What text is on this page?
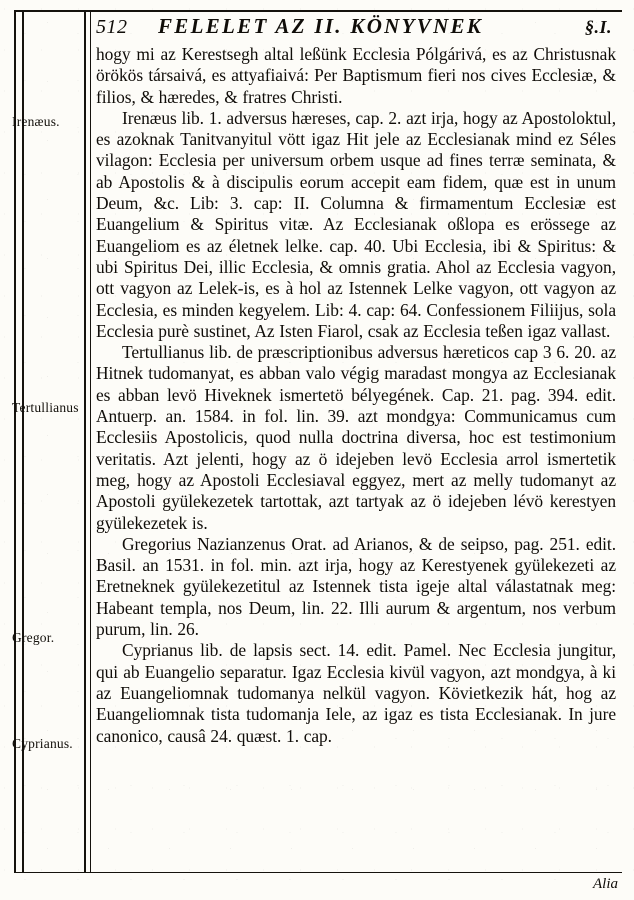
512 FELELET AZ II. KÖNYVNEK	§.I.
Irenæus.
Tertullianus
Gregor.
Cyprianus.

hogy mi az Kerestsegh altal leßünk Ecclesia Pólgárivá, es az Christusnak örökös társaivá, es attyafiaivá: Per Baptismum fieri nos cives Ecclesiæ, & filios, & hæredes, & fratres Christi.

Irenæus lib. 1. adversus hæreses, cap. 2. azt irja, hogy az Apostoloktul, es azoknak Tanitvanyitul vött igaz Hit jele az Ecclesianak mind ez Séles vilagon: Ecclesia per universum orbem usque ad fines terræ seminata, & ab Apostolis & à discipulis eorum accepit eam fidem, quæ est in unum Deum, &c. Lib: 3. cap: II. Columna & firmamentum Ecclesiæ est Euangelium & Spiritus vitæ. Az Ecclesianak oßlopa es erössege az Euangeliom es az életnek lelke. cap. 40. Ubi Ecclesia, ibi & Spiritus: & ubi Spiritus Dei, illic Ecclesia, & omnis gratia. Ahol az Ecclesia vagyon, ott vagyon az Lelek-is, es à hol az Istennek Lelke vagyon, ott vagyon az Ecclesia, es minden kegyelem. Lib: 4. cap: 64. Confessionem Filiijus, sola Ecclesia purè sustinet, Az Isten Fiarol, csak az Ecclesia teßen igaz vallast.

Tertullianus lib. de præscriptionibus adversus hæreticos cap 3 6. 20. az Hitnek tudomanyat, es abban valo végig maradast mongya az Ecclesianak es abban levö Hiveknek ismertetö bélyegének. Cap. 21. pag. 394. edit. Antuerp. an. 1584. in fol. lin. 39. azt mondgya: Communicamus cum Ecclesiis Apostolicis, quod nulla doctrina diversa, hoc est testimonium veritatis. Azt jelenti, hogy az ö idejeben levö Ecclesia arrol ismertetik meg, hogy az Apostoli Ecclesiaval eggyez, mert az melly tudomanyt az Apostoli gyülekezetek tartottak, azt tartyak az ö idejeben lévö kerestyen gyülekezetek is.

Gregorius Nazianzenus Orat. ad Arianos, & de seipso, pag. 251. edit. Basil. an 1531. in fol. min. azt irja, hogy az Kerestyenek gyülekezeti az Eretneknek gyülekezetitul az Istennek tista igeje altal válastatnak meg: Habeant templa, nos Deum, lin. 22. Illi aurum & argentum, nos verbum purum, lin. 26.

Cyprianus lib. de lapsis sect. 14. edit. Pamel. Nec Ecclesia jungitur, qui ab Euangelio separatur. Igaz Ecclesia kivül vagyon, azt mondgya, à ki az Euangeliomnak tudomanya nelkül vagyon. Kövietkezik hát, hog az Euangeliomnak tista tudomanja Iele, az igaz es tista Ecclesianak. In jure canonico, causâ 24. quæst. 1. cap.

Alia
